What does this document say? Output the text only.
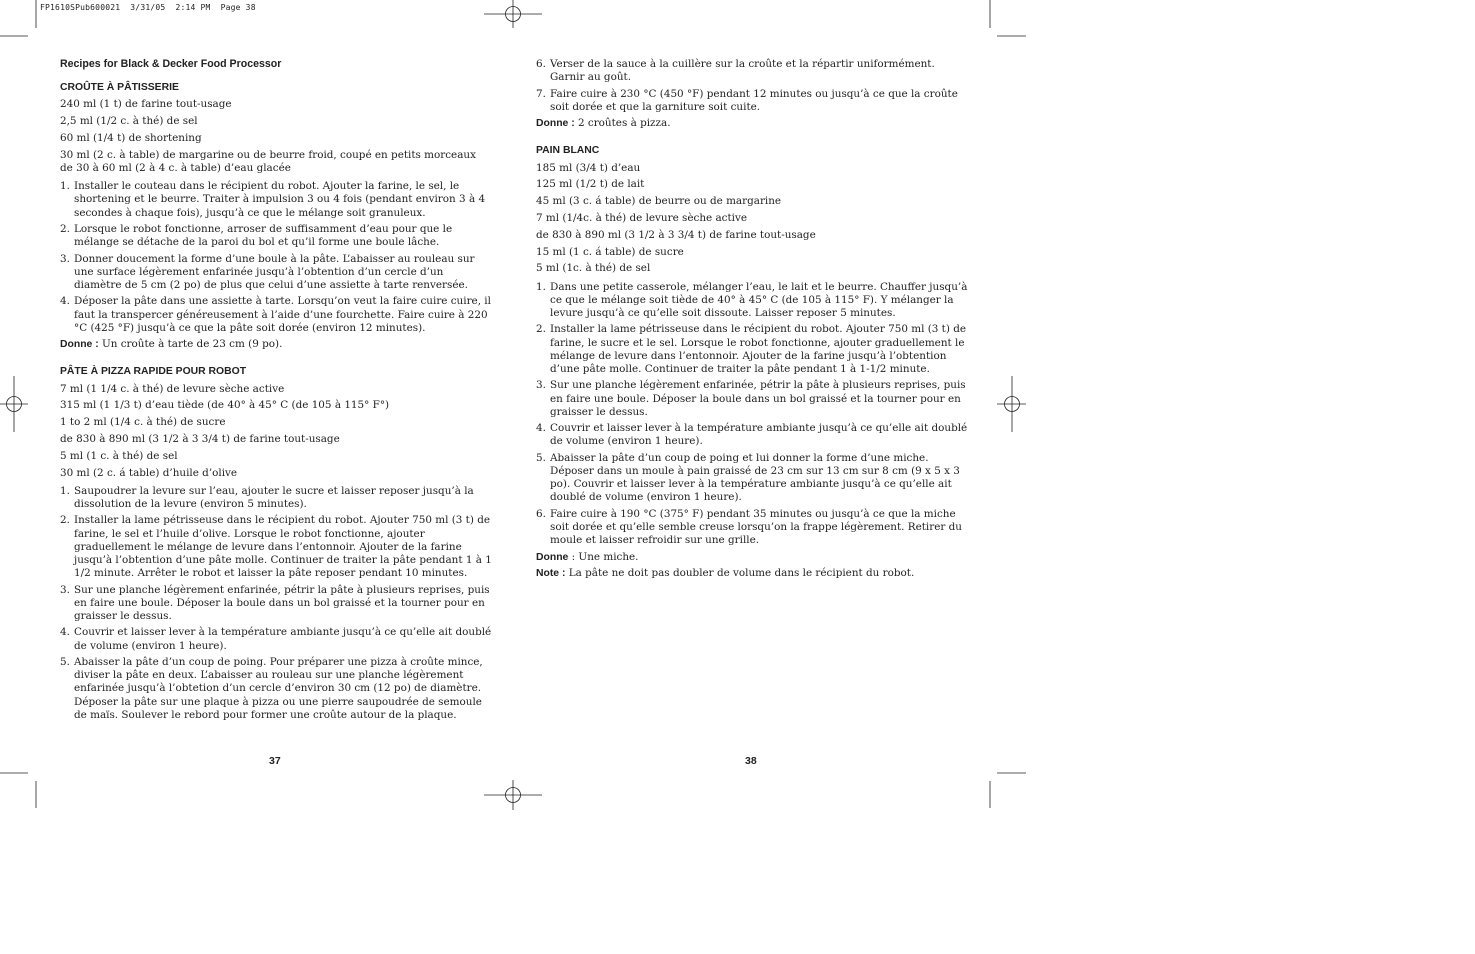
FP1610SPub600021  3/31/05  2:14 PM  Page 38
Recipes for Black & Decker Food Processor
CROÛTE À PÂTISSERIE
240 ml (1 t) de farine tout-usage
2,5 ml (1/2 c. à thé) de sel
60 ml (1/4 t) de shortening
30 ml (2 c. à table) de margarine ou de beurre froid, coupé en petits morceaux de 30 à 60 ml (2 à 4 c. à table) d’eau glacée
1. Installer le couteau dans le récipient du robot. Ajouter la farine, le sel, le shortening et le beurre. Traiter à impulsion 3 ou 4 fois (pendant environ 3 à 4 secondes à chaque fois), jusqu’à ce que le mélange soit granuleux.
2. Lorsque le robot fonctionne, arroser de suffisamment d’eau pour que le mélange se détache de la paroi du bol et qu’il forme une boule lâche.
3. Donner doucement la forme d’une boule à la pâte. L’abaisser au rouleau sur une surface légèrement enfarinée jusqu’à l’obtention d’un cercle d’un diamètre de 5 cm (2 po) de plus que celui d’une assiette à tarte renversée.
4. Déposer la pâte dans une assiette à tarte. Lorsqu’on veut la faire cuire cuire, il faut la transpercer généreusement à l’aide d’une fourchette. Faire cuire à 220 °C (425 °F) jusqu’à ce que la pâte soit dorée (environ 12 minutes).
Donne : Un croûte à tarte de 23 cm (9 po).
PÂTE À PIZZA RAPIDE POUR ROBOT
7 ml (1 1/4 c. à thé) de levure sèche active
315 ml (1 1/3 t) d’eau tiède (de 40° à 45° C (de 105 à 115° F°)
1 to 2 ml (1/4 c. à thé) de sucre
de 830 à 890 ml (3 1/2 à 3 3/4 t) de farine tout-usage
5 ml (1 c. à thé) de sel
30 ml (2 c. á table) d’huile d’olive
1. Saupoudrer la levure sur l’eau, ajouter le sucre et laisser reposer jusqu’à la dissolution de la levure (environ 5 minutes).
2. Installer la lame pétrisseuse dans le récipient du robot. Ajouter 750 ml (3 t) de farine, le sel et l’huile d’olive. Lorsque le robot fonctionne, ajouter graduellement le mélange de levure dans l’entonnoir. Ajouter de la farine jusqu’à l’obtention d’une pâte molle. Continuer de traiter la pâte pendant 1 à 1 1/2 minute. Arrêter le robot et laisser la pâte reposer pendant 10 minutes.
3. Sur une planche légèrement enfarinée, pétrir la pâte à plusieurs reprises, puis en faire une boule. Déposer la boule dans un bol graissé et la tourner pour en graisser le dessus.
4. Couvrir et laisser lever à la température ambiante jusqu’à ce qu’elle ait doublé de volume (environ 1 heure).
5. Abaisser la pâte d’un coup de poing. Pour préparer une pizza à croûte mince, diviser la pâte en deux. L’abaisser au rouleau sur une planche légèrement enfarinée jusqu’à l’obtetion d’un cercle d’environ 30 cm (12 po) de diamètre. Déposer la pâte sur une plaque à pizza ou une pierre saupoudrée de semoule de maïs. Soulever le rebord pour former une croûte autour de la plaque.
6. Verser de la sauce à la cuillère sur la croûte et la répartir uniformément. Garnir au goût.
7. Faire cuire à 230 °C (450 °F) pendant 12 minutes ou jusqu’à ce que la croûte soit dorée et que la garniture soit cuite.
Donne : 2 croûtes à pizza.
PAIN BLANC
185 ml (3/4 t) d’eau
125 ml (1/2 t) de lait
45 ml (3 c. á table) de beurre ou de margarine
7 ml (1/4c. à thé) de levure sèche active
de 830 à 890 ml (3 1/2 à 3 3/4 t) de farine tout-usage
15 ml (1 c. á table) de sucre
5 ml (1c. à thé) de sel
1. Dans une petite casserole, mélanger l’eau, le lait et le beurre. Chauffer jusqu’à ce que le mélange soit tiède de 40° à 45° C (de 105 à 115° F). Y mélanger la levure jusqu’à ce qu’elle soit dissoute. Laisser reposer 5 minutes.
2. Installer la lame pétrisseuse dans le récipient du robot. Ajouter 750 ml (3 t) de farine, le sucre et le sel. Lorsque le robot fonctionne, ajouter graduellement le mélange de levure dans l’entonnoir. Ajouter de la farine jusqu’à l’obtention d’une pâte molle. Continuer de traiter la pâte pendant 1 à 1-1/2 minute.
3. Sur une planche légèrement enfarinée, pétrir la pâte à plusieurs reprises, puis en faire une boule. Déposer la boule dans un bol graissé et la tourner pour en graisser le dessus.
4. Couvrir et laisser lever à la température ambiante jusqu’à ce qu’elle ait doublé de volume (environ 1 heure).
5. Abaisser la pâte d’un coup de poing et lui donner la forme d’une miche. Déposer dans un moule à pain graissé de 23 cm sur 13 cm sur 8 cm (9 x 5 x 3 po). Couvrir et laisser lever à la température ambiante jusqu’à ce qu’elle ait doublé de volume (environ 1 heure).
6. Faire cuire à 190 °C (375° F) pendant 35 minutes ou jusqu’à ce que la miche soit dorée et qu’elle semble creuse lorsqu’on la frappe légèrement. Retirer du moule et laisser refroidir sur une grille.
Donne : Une miche.
Note : La pâte ne doit pas doubler de volume dans le récipient du robot.
37	38
